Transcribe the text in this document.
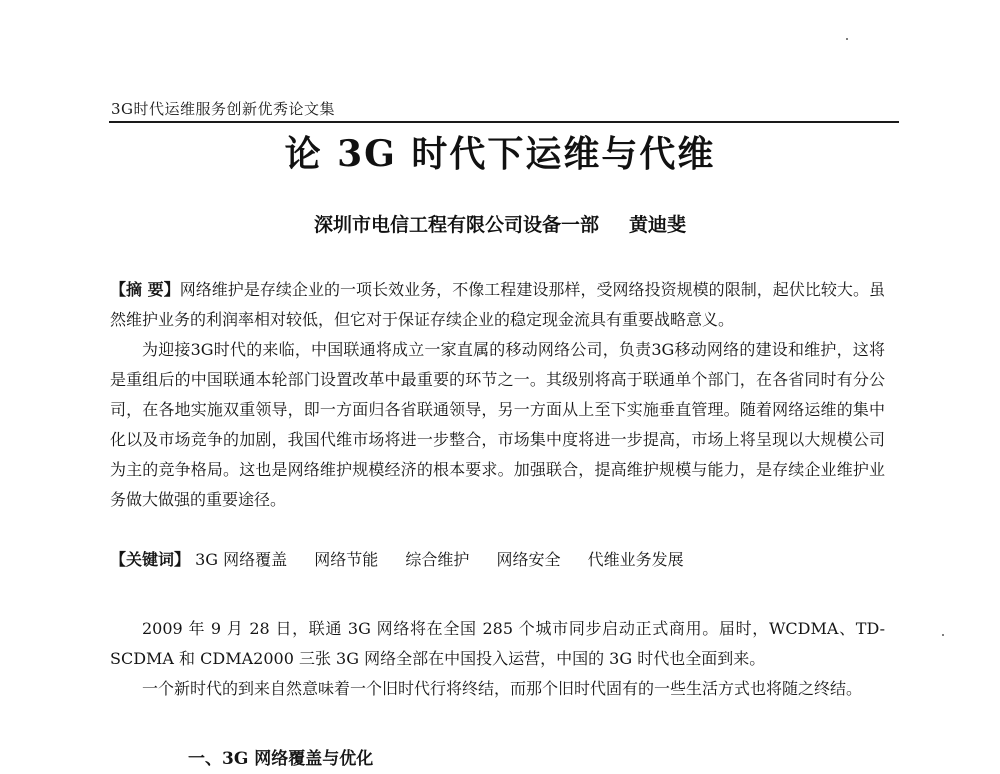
3G时代运维服务创新优秀论文集
论 3G 时代下运维与代维
深圳市电信工程有限公司设备一部 黄迪斐

【摘 要】网络维护是存续企业的一项长效业务，不像工程建设那样，受网络投资规模的限制，起伏比较大。虽然维护业务的利润率相对较低，但它对于保证存续企业的稳定现金流具有重要战略意义。

为迎接3G时代的来临，中国联通将成立一家直属的移动网络公司，负责3G移动网络的建设和维护，这将是重组后的中国联通本轮部门设置改革中最重要的环节之一。其级别将高于联通单个部门，在各省同时有分公司，在各地实施双重领导，即一方面归各省联通领导，另一方面从上至下实施垂直管理。随着网络运维的集中化以及市场竞争的加剧，我国代维市场将进一步整合，市场集中度将进一步提高，市场上将呈现以大规模公司为主的竞争格局。这也是网络维护规模经济的根本要求。加强联合，提高维护规模与能力，是存续企业维护业务做大做强的重要途径。

【关键词】 3G 网络覆盖 网络节能 综合维护 网络安全 代维业务发展

2009 年 9 月 28 日，联通 3G 网络将在全国 285 个城市同步启动正式商用。届时，WCDMA、TD-SCDMA 和 CDMA2000 三张 3G 网络全部在中国投入运营，中国的 3G 时代也全面到来。

一个新时代的到来自然意味着一个旧时代行将终结，而那个旧时代固有的一些生活方式也将随之终结。

一、3G 网络覆盖与优化
